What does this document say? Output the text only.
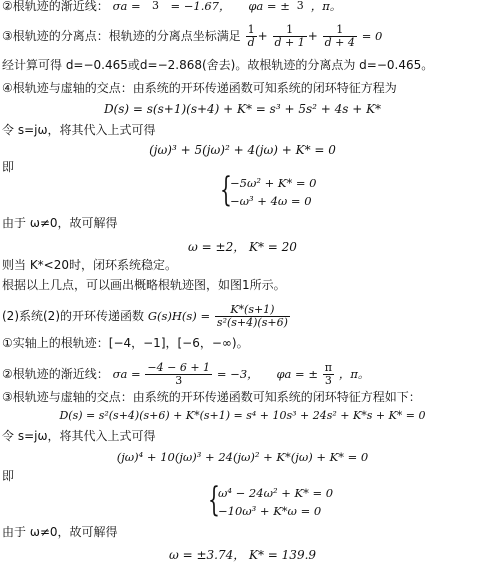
②根轨迹的渐近线： σa =	3 = −1.67， φa = ± 3 ，π。
③根轨迹的分离点：根轨迹的分离点坐标满足 $\frac{1}{d} + \frac{1}{d + 1} + \frac{1}{d + 4} = 0$
经计算可得 d=−0.465或d=−2.868(舍去)。故根轨迹的分离点为 d=−0.465。
④根轨迹与虚轴的交点：由系统的开环传递函数可知系统的闭环特征方程为
D(s) = s(s+1)(s+4) + K* = s³ + 5s² + 4s + K*
令 s=jω，将其代入上式可得
(jω)³ + 5(jω)² + 4(jω) + K* = 0
即
{
−5ω² + K* = 0
−ω³ + 4ω = 0
由于 ω≠0，故可解得
ω = ±2， K* = 20
则当 K*<20时，闭环系统稳定。
根据以上几点，可以画出概略根轨迹图，如图1所示。
(2)系统(2)的开环传递函数 $G(s)H(s) = \frac{K*(s+1)}{\text{s²(s+4)(s+6)}}$
①实轴上的根轨迹：[−4，−1]，[−6，−∞)。
②根轨迹的渐近线： $\sigma a = \frac{-4 - 6 + 1}{3} = -3$， φa = ± $\frac{\pi}{3}$ ，π。
③根轨迹与虚轴的交点：由系统的开环传递函数可知系统的闭环特征方程如下：
D(s) = s²(s+4)(s+6) + K*(s+1) = s⁴ + 10s³ + 24s² + K*s + K* = 0
令 s=jω，将其代入上式可得
(jω)⁴ + 10(jω)³ + 24(jω)² + K*(jω) + K* = 0
即
{
ω⁴ − 24ω² + K* = 0
−10ω³ + K*ω = 0
由于 ω≠0，故可解得
ω = ±3.74， K* = 139.9
